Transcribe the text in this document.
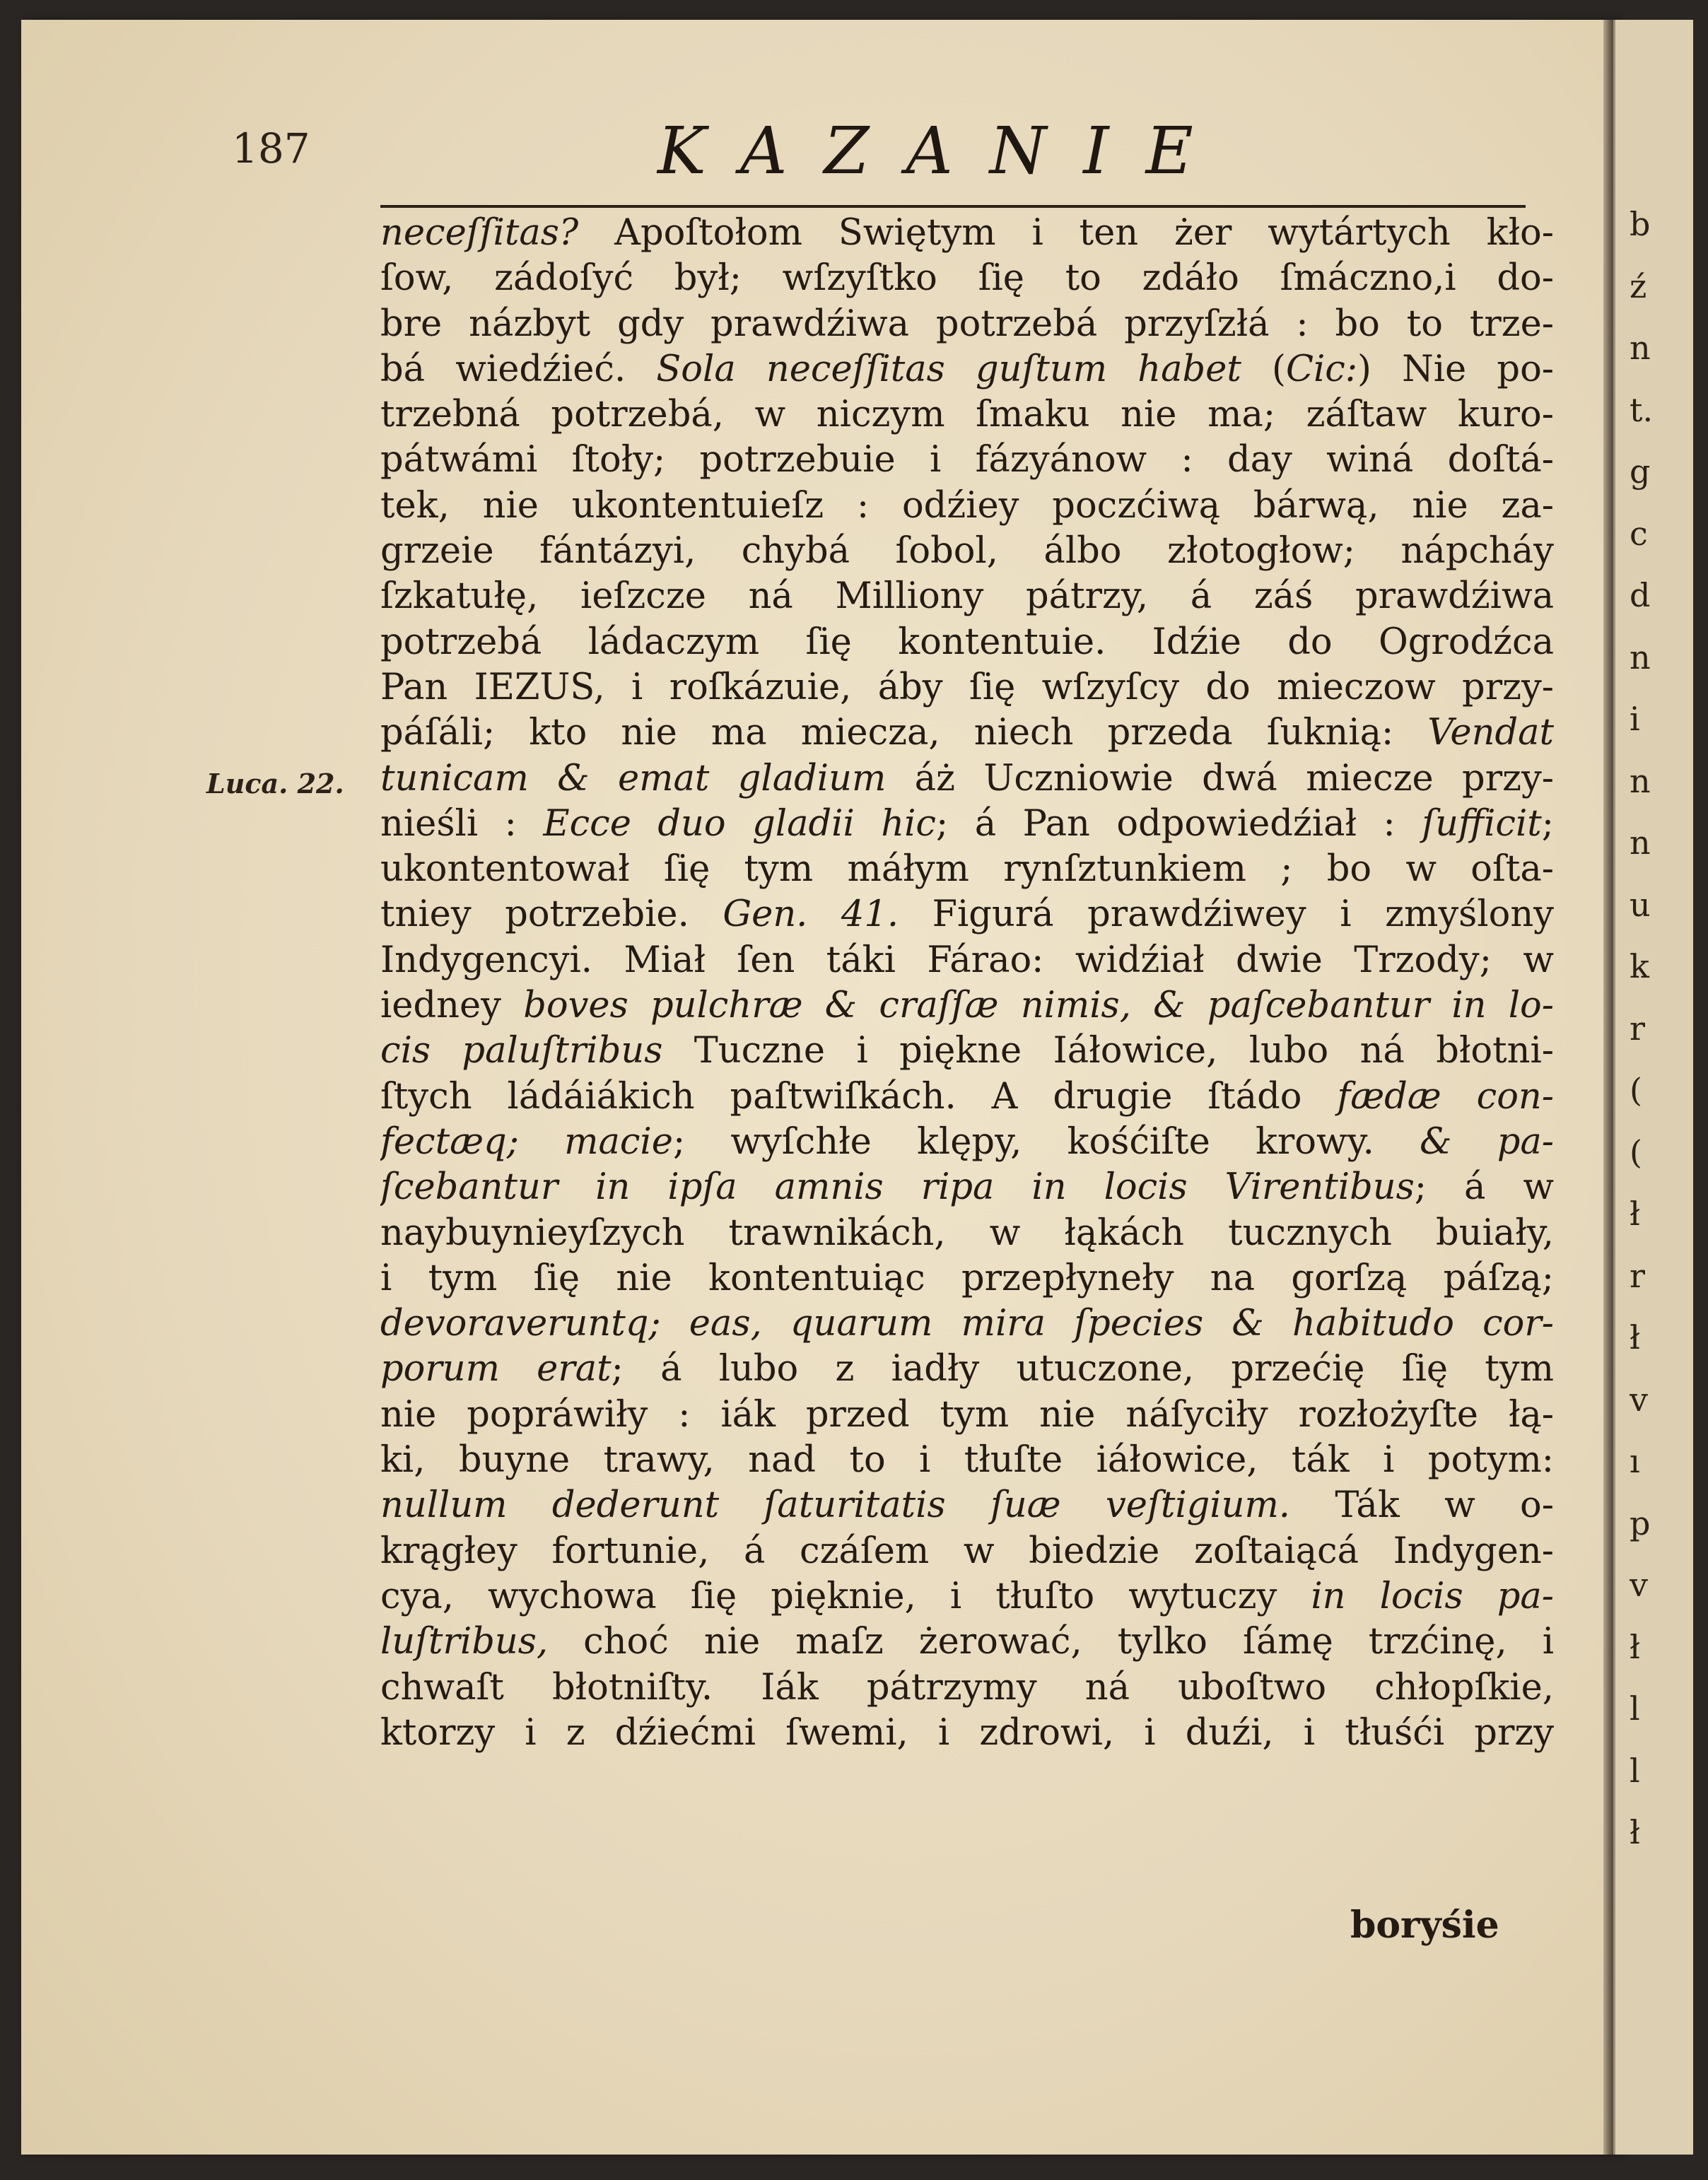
187	KAZANIE
Luca. 22.
neceſſitas? Apoſtołom Swiętym i ten żer wytártych kło-
ſow, zádoſyć był; wſzyſtko ſię to zdáło ſmáczno,i do-
bre názbyt gdy prawdźiwa potrzebá przyſzłá : bo to trze-
bá wiedźieć. Sola neceſſitas guſtum habet (Cic:) Nie po-
trzebná potrzebá, w niczym ſmaku nie ma; záſtaw kuro-
pátwámi ſtoły; potrzebuie i fázyánow : day winá doſtá-
tek, nie ukontentuieſz : odźiey poczćiwą bárwą, nie za-
grzeie fántázyi, chybá ſobol, álbo złotogłow; nápcháy
ſzkatułę, ieſzcze ná Milliony pátrzy, á záś prawdźiwa
potrzebá ládaczym ſię kontentuie. Idźie do Ogrodźca
Pan IEZUS, i roſkázuie, áby ſię wſzyſcy do mieczow przy-
páſáli; kto nie ma miecza, niech przeda ſuknią: Vendat
tunicam & emat gladium áż Uczniowie dwá miecze przy-
nieśli : Ecce duo gladii hic; á Pan odpowiedźiał : ſufficit;
ukontentował ſię tym máłym rynſztunkiem ; bo w oſta-
tniey potrzebie. Gen. 41. Figurá prawdźiwey i zmyślony
Indygencyi. Miał ſen táki Fárao: widźiał dwie Trzody; w
iedney boves pulchræ & craſſæ nimis, & paſcebantur in lo-
cis paluſtribus Tuczne i piękne Iáłowice, lubo ná błotni-
ſtych ládáiákich paſtwiſkách. A drugie ſtádo fædæ con-
fectæq; macie; wyſchłe klępy, kośćiſte krowy. & pa-
ſcebantur in ipſa amnis ripa in locis Virentibus; á w
naybuynieyſzych trawnikách, w łąkách tucznych buiały,
i tym ſię nie kontentuiąc przepłyneły na gorſzą páſzą;
devoraveruntq; eas, quarum mira ſpecies & habitudo cor-
porum erat; á lubo z iadły utuczone, przećię ſię tym
nie popráwiły : iák przed tym nie náſyciły rozłożyſte łą-
ki, buyne trawy, nad to i tłuſte iáłowice, ták i potym:
nullum dederunt ſaturitatis ſuæ veſtigium. Ták w o-
krągłey fortunie, á czáſem w biedzie zoſtaiącá Indygen-
cya, wychowa ſię pięknie, i tłuſto wytuczy in locis pa-
luſtribus, choć nie maſz żerować, tylko ſámę trzćinę, i
chwaſt błotniſty. Iák pátrzymy ná uboſtwo chłopſkie,
ktorzy i z dźiećmi ſwemi, i zdrowi, i duźi, i tłuśći przy
boryśie
b
ź
n
t.
g
c
d
n
i
n
n
u
k
r
(
(
ł
r
ł
v
ı
p
v
ł
l
l
ł
